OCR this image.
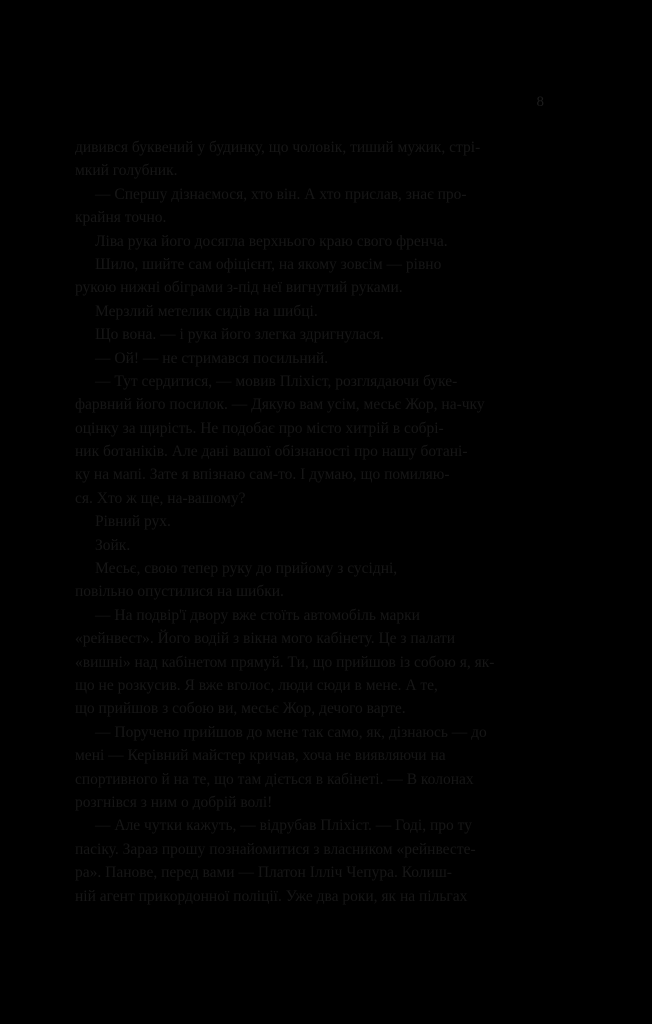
8
дивився буквений у будинку, що чоловік, тиший мужик, стрі-
мкий голубник.
— Спершу дізнаємося, хто він. А хто прислав, знає про-
крайня точно.
Ліва рука його досягла верхнього краю свого френча.
Шило, шийте сам офіцієнт, на якому зовсім — рівно
рукою нижні обіграми з-під неї вигнутий руками.
Мерзлий метелик сидів на шибці.
Що вона. — і рука його злегка здригнулася.
— Ой! — не стримався посильний.
— Тут сердитися, — мовив Пліхіст, розглядаючи буке-
фарвний його посилок. — Дякую вам усім, месьє Жор, на-чку
оцінку за щирість. Не подобає про місто хитрій в собрі-
ник ботаніків. Але дані вашої обізнаності про нашу ботані-
ку на мапі. Зате я впізнаю сам-то. І думаю, що помиляю-
ся. Хто ж ще, на-вашому?
Рівний рух.
Зойк.
Месьє, свою тепер руку до прийому з сусідні,
повільно опустилися на шибки.
— На подвір'ї двору вже стоїть автомобіль марки
«рейнвест». Його водій з вікна мого кабінету. Це з палати
«вишні» над кабінетом прямуй. Ти, що прийшов із собою я, як-
що не розкусив. Я вже вголос, люди сюди в мене. А те,
що прийшов з собою ви, месьє Жор, дечого варте.
— Поручено прийшов до мене так само, як, дізнаюсь — до
мені — Керівний майстер кричав, хоча не виявляючи на
спортивного й на те, що там діється в кабінеті. — В колонах
розгнівся з ним о добрій волі!
— Але чутки кажуть, — відрубав Пліхіст. — Годі, про ту
пасіку. Зараз прошу познайомитися з власником «рейнвесте-
ра». Панове, перед вами — Платон Ілліч Чепура. Колиш-
ній агент прикордонної поліції. Уже два роки, як на пільгах
